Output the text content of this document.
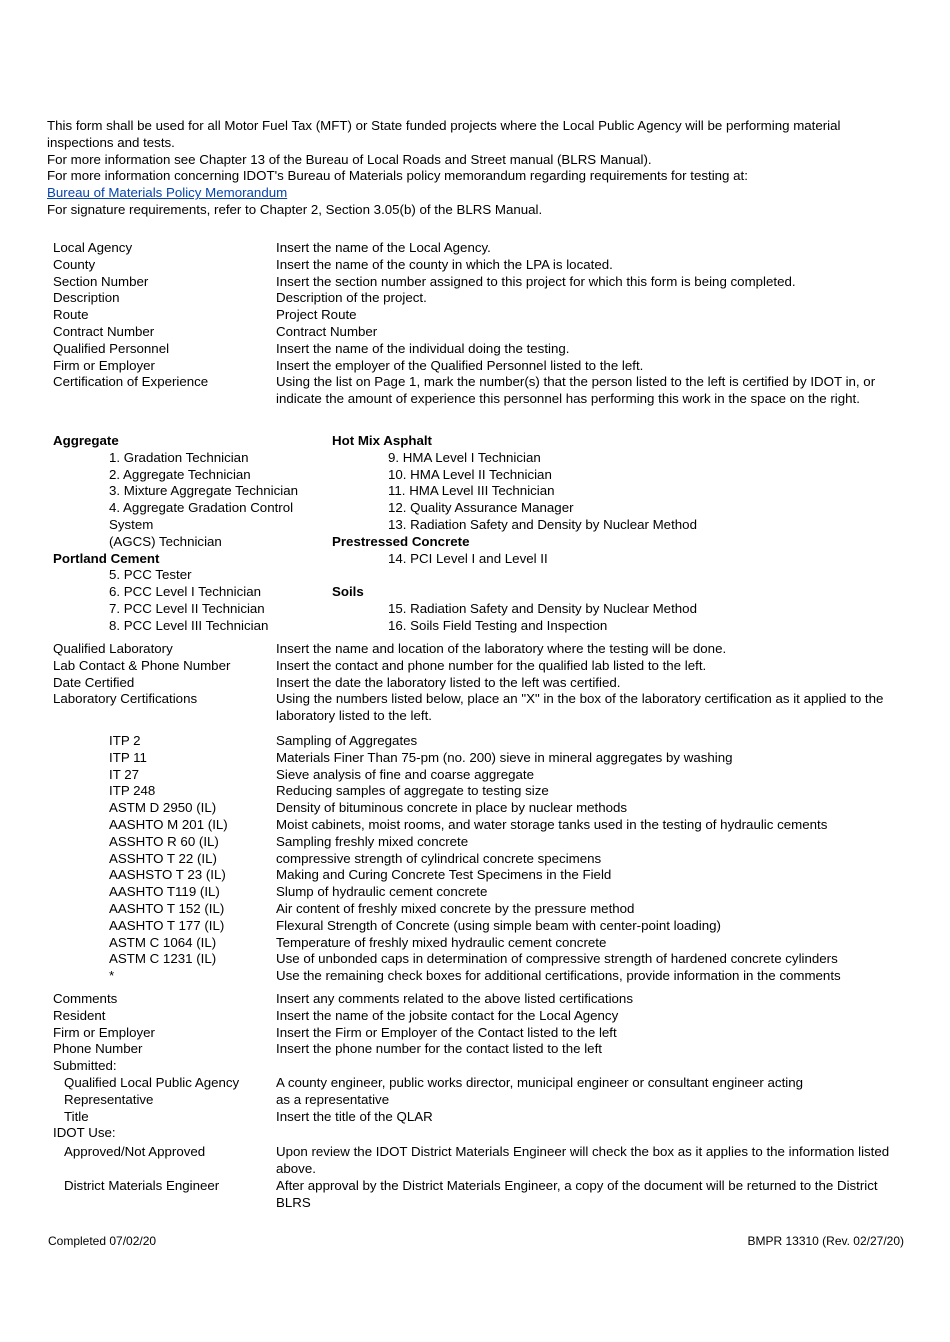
This form shall be used for all Motor Fuel Tax (MFT) or State funded projects where the Local Public Agency will be performing material inspections and tests.

For more information see Chapter 13 of the Bureau of Local Roads and Street manual (BLRS Manual).

For more information concerning IDOT's Bureau of Materials policy memorandum regarding requirements for testing at:

Bureau of Materials Policy Memorandum

For signature requirements, refer to Chapter 2, Section 3.05(b) of the BLRS Manual.

Local Agency	Insert the name of the Local Agency.
County	Insert the name of the county in which the LPA is located.
Section Number	Insert the section number assigned to this project for which this form is being completed.
Description	Description of the project.
Route	Project Route
Contract Number	Contract Number
Qualified Personnel	Insert the name of the individual doing the testing.
Firm or Employer	Insert the employer of the Qualified Personnel listed to the left.
Certification of Experience	Using the list on Page 1, mark the number(s) that the person listed to the left is certified by IDOT in, or indicate the amount of experience this personnel has performing this work in the space on the right.
Aggregate
1. Gradation Technician
2. Aggregate Technician
3. Mixture Aggregate Technician
4. Aggregate Gradation Control System
(AGCS) Technician
Portland Cement
5. PCC Tester
6. PCC Level I Technician
7. PCC Level II Technician
8. PCC Level III Technician
Hot Mix Asphalt
9. HMA Level I Technician
10. HMA Level II Technician
11. HMA Level III Technician
12. Quality Assurance Manager
13. Radiation Safety and Density by Nuclear Method
Prestressed Concrete
14. PCI Level I and Level II
Soils
15. Radiation Safety and Density by Nuclear Method
16. Soils Field Testing and Inspection
Qualified Laboratory	Insert the name and location of the laboratory where the testing will be done.
Lab Contact & Phone Number	Insert the contact and phone number for the qualified lab listed to the left.
Date Certified	Insert the date the laboratory listed to the left was certified.
Laboratory Certifications	Using the numbers listed below, place an "X" in the box of the laboratory certification as it applied to the laboratory listed to the left.
ITP 2	Sampling of Aggregates
ITP 11	Materials Finer Than 75-pm (no. 200) sieve in mineral aggregates by washing
IT 27	Sieve analysis of fine and coarse aggregate
ITP 248	Reducing samples of aggregate to testing size
ASTM D 2950 (IL)	Density of bituminous concrete in place by nuclear methods
AASHTO M 201 (IL)	Moist cabinets, moist rooms, and water storage tanks used in the testing of hydraulic cements
ASSHTO R 60 (IL)	Sampling freshly mixed concrete
ASSHTO T 22 (IL)	compressive strength of cylindrical concrete specimens
AASHSTO T 23 (IL)	Making and Curing Concrete Test Specimens in the Field
AASHTO T119 (IL)	Slump of hydraulic cement concrete
AASHTO T 152 (IL)	Air content of freshly mixed concrete by the pressure method
AASHTO T 177 (IL)	Flexural Strength of Concrete (using simple beam with center-point loading)
ASTM C 1064 (IL)	Temperature of freshly mixed hydraulic cement concrete
ASTM C 1231 (IL)	Use of unbonded caps in determination of compressive strength of hardened concrete cylinders
*	Use the remaining check boxes for additional certifications, provide information in the comments
Comments	Insert any comments related to the above listed certifications
Resident	Insert the name of the jobsite contact for the Local Agency
Firm or Employer	Insert the Firm or Employer of the Contact listed to the left
Phone Number	Insert the phone number for the contact listed to the left
Submitted:
Qualified Local Public Agency	A county engineer, public works director, municipal engineer or consultant engineer acting
Representative	as a representative
Title	Insert the title of the QLAR
IDOT Use:
Approved/Not Approved	Upon review the IDOT District Materials Engineer will check the box as it applies to the information listed above.
District Materials Engineer	After approval by the District Materials Engineer, a copy of the document will be returned to the District BLRS
Completed 07/02/20	BMPR 13310 (Rev. 02/27/20)
